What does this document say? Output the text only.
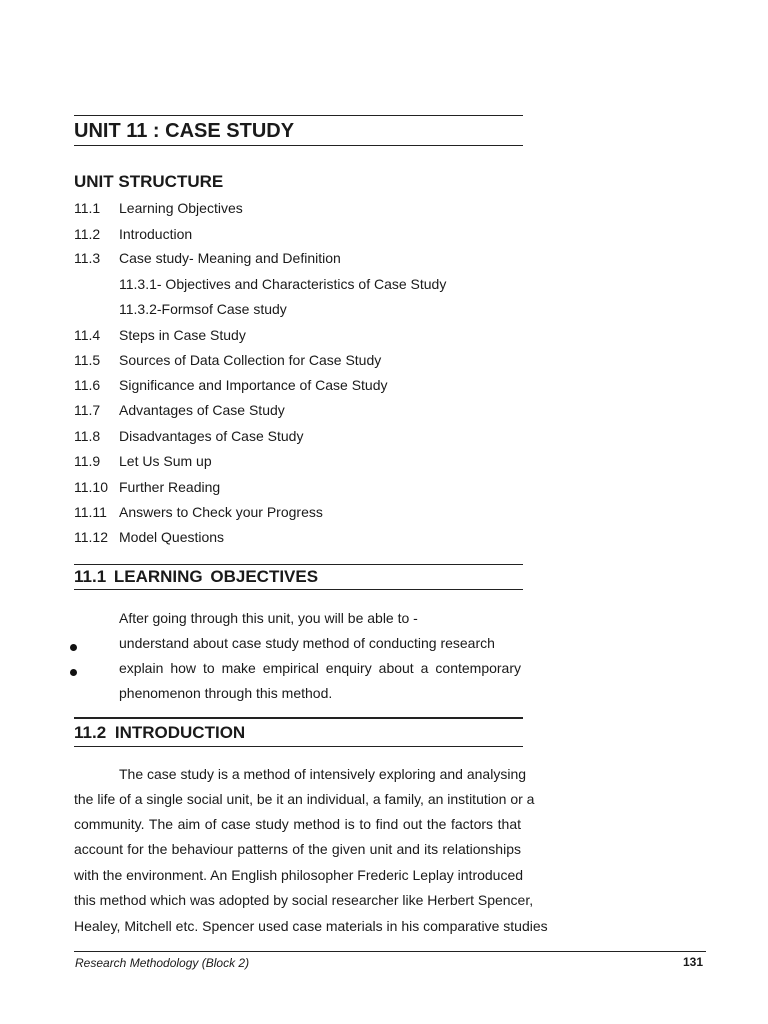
UNIT 11 : CASE STUDY
UNIT STRUCTURE
11.1 Learning Objectives
11.2 Introduction
11.3 Case study- Meaning and Definition
11.3.1- Objectives and Characteristics of Case Study
11.3.2-Formsof Case study
11.4 Steps in Case Study
11.5 Sources of Data Collection for Case Study
11.6 Significance and Importance of Case Study
11.7 Advantages of Case Study
11.8 Disadvantages of Case Study
11.9 Let Us Sum up
11.10 Further Reading
11.11 Answers to Check your Progress
11.12 Model Questions
11.1 LEARNING OBJECTIVES
After going through this unit, you will be able to -
understand about case study method of conducting research
explain how to make empirical enquiry about a contemporary
phenomenon through this method.
11.2 INTRODUCTION
The case study is a method of intensively exploring and analysing
the life of a single social unit, be it an individual, a family, an institution or a
community. The aim of case study method is to find out the factors that
account for the behaviour patterns of the given unit and its relationships
with the environment. An English philosopher Frederic Leplay introduced
this method which was adopted by social researcher like Herbert Spencer,
Healey, Mitchell etc. Spencer used case materials in his comparative studies
Research Methodology (Block 2)	131
